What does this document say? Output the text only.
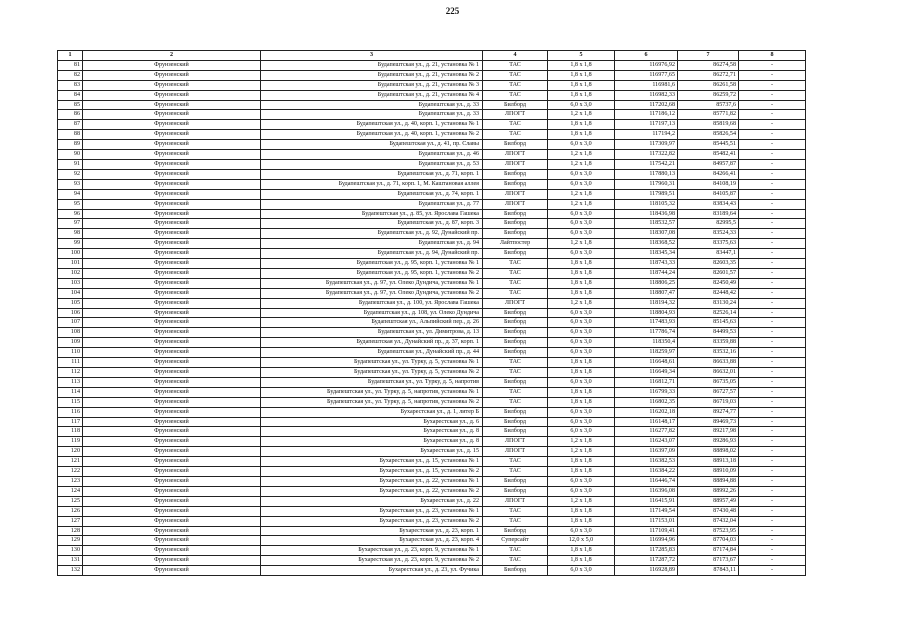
225
1	2	3	4	5	6	7	8
81	Фрунзенский	Будапештская ул., д. 21, установка № 1	ТАС	1,8 х 1,8	116976,92	86274,58	-
82	Фрунзенский	Будапештская ул., д. 21, установка № 2	ТАС	1,8 х 1,8	116977,65	86272,71	-
83	Фрунзенский	Будапештская ул., д. 21, установка № 3	ТАС	1,8 х 1,8	116981,6	86261,58	-
84	Фрунзенский	Будапештская ул., д. 21, установка № 4	ТАС	1,8 х 1,8	116982,33	86259,72	-
85	Фрунзенский	Будапештская ул., д. 33	Билборд	6,0 х 3,0	117202,68	85737,6	-
86	Фрунзенский	Будапештская ул., д. 33	ЛПОГТ	1,2 х 1,8	117186,12	85771,82	-
87	Фрунзенский	Будапештская ул., д. 40, корп. 1, установка № 1	ТАС	1,8 х 1,8	117197,13	85819,68	-
88	Фрунзенский	Будапештская ул., д. 40, корп. 1, установка № 2	ТАС	1,8 х 1,8	117194,2	85826,54	-
89	Фрунзенский	Будапештская ул., д. 41, пр. Славы	Билборд	6,0 х 3,0	117309,97	85445,51	-
90	Фрунзенский	Будапештская ул., д. 46	ЛПОГТ	1,2 х 1,8	117322,82	85482,41	-
91	Фрунзенский	Будапештская ул., д. 53	ЛПОГТ	1,2 х 1,8	117542,21	84957,87	-
92	Фрунзенский	Будапештская ул., д. 71, корп. 1	Билборд	6,0 х 3,0	117880,13	84266,41	-
93	Фрунзенский	Будапештская ул., д. 71, корп. 1, М. Каштановая аллея	Билборд	6,0 х 3,0	117960,31	84108,19	-
94	Фрунзенский	Будапештская ул., д. 74, корп. 1	ЛПОГТ	1,2 х 1,8	117989,51	84105,87	-
95	Фрунзенский	Будапештская ул., д. 77	ЛПОГТ	1,2 х 1,8	118105,32	83834,43	-
96	Фрунзенский	Будапештская ул., д. 85, ул. Ярослава Гашека	Билборд	6,0 х 3,0	118436,98	83189,64	-
97	Фрунзенский	Будапештская ул., д. 87, корп. 3	Билборд	6,0 х 3,0	118532,57	82995,5	-
98	Фрунзенский	Будапештская ул., д. 92, Дунайский пр.	Билборд	6,0 х 3,0	118307,08	83524,33	-
99	Фрунзенский	Будапештская ул., д. 94	Лайтпостер	1,2 х 1,8	118368,52	83375,63	-
100	Фрунзенский	Будапештская ул., д. 94, Дунайский пр.	Билборд	6,0 х 3,0	118345,34	83447,1	-
101	Фрунзенский	Будапештская ул., д. 95, корп. 1, установка № 1	ТАС	1,8 х 1,8	118743,33	82603,35	-
102	Фрунзенский	Будапештская ул., д. 95, корп. 1, установка № 2	ТАС	1,8 х 1,8	118744,24	82601,57	-
103	Фрунзенский	Будапештская ул., д. 97, ул. Олеко Дундича, установка № 1	ТАС	1,8 х 1,8	118806,25	82450,49	-
104	Фрунзенский	Будапештская ул., д. 97, ул. Олеко Дундича, установка № 2	ТАС	1,8 х 1,8	118807,47	82448,42	-
105	Фрунзенский	Будапештская ул., д. 100, ул. Ярослава Гашека	ЛПОГТ	1,2 х 1,8	118194,32	83130,24	-
106	Фрунзенский	Будапештская ул., д. 108, ул. Олеко Дундича	Билборд	6,0 х 3,0	118804,93	82526,14	-
107	Фрунзенский	Будапештская ул., Альпийский пер., д. 26	Билборд	6,0 х 3,0	117483,93	85145,63	-
108	Фрунзенский	Будапештская ул., ул. Димитрова, д. 13	Билборд	6,0 х 3,0	117786,74	84499,53	-
109	Фрунзенский	Будапештская ул., Дунайский пр., д. 37, корп. 1	Билборд	6,0 х 3,0	118350,4	83359,88	-
110	Фрунзенский	Будапештская ул., Дунайский пр., д. 44	Билборд	6,0 х 3,0	118259,97	83532,16	-
111	Фрунзенский	Будапештская ул., ул. Турку, д. 5, установка № 1	ТАС	1,8 х 1,8	116648,61	86633,88	-
112	Фрунзенский	Будапештская ул., ул. Турку, д. 5, установка № 2	ТАС	1,8 х 1,8	116649,34	86632,01	-
113	Фрунзенский	Будапештская ул., ул. Турку, д. 5, напротив	Билборд	6,0 х 3,0	116812,71	86735,05	-
114	Фрунзенский	Будапештская ул., ул. Турку, д. 5, напротив, установка № 1	ТАС	1,8 х 1,8	116799,33	86727,57	-
115	Фрунзенский	Будапештская ул., ул. Турку, д. 5, напротив, установка № 2	ТАС	1,8 х 1,8	116802,35	86719,03	-
116	Фрунзенский	Бухарестская ул., д. 1, литер Б	Билборд	6,0 х 3,0	116202,18	89274,77	-
117	Фрунзенский	Бухарестская ул., д. 6	Билборд	6,0 х 3,0	116148,17	89469,73	-
118	Фрунзенский	Бухарестская ул., д. 8	Билборд	6,0 х 3,0	116277,82	89217,98	-
119	Фрунзенский	Бухарестская ул., д. 8	ЛПОГТ	1,2 х 1,8	116243,07	89286,93	-
120	Фрунзенский	Бухарестская ул., д. 15	ЛПОГТ	1,2 х 1,8	116397,09	88898,02	-
121	Фрунзенский	Бухарестская ул., д. 15, установка № 1	ТАС	1,8 х 1,8	116382,53	88913,18	-
122	Фрунзенский	Бухарестская ул., д. 15, установка № 2	ТАС	1,8 х 1,8	116384,22	88910,09	-
123	Фрунзенский	Бухарестская ул., д. 22, установка № 1	Билборд	6,0 х 3,0	116446,74	88894,88	-
124	Фрунзенский	Бухарестская ул., д. 22, установка № 2	Билборд	6,0 х 3,0	116396,08	88992,26	-
125	Фрунзенский	Бухарестская ул., д. 22	ЛПОГТ	1,2 х 1,8	116415,91	88957,49	-
126	Фрунзенский	Бухарестская ул., д. 23, установка № 1	ТАС	1,8 х 1,8	117149,54	87430,48	-
127	Фрунзенский	Бухарестская ул., д. 23, установка № 2	ТАС	1,8 х 1,8	117153,01	87432,04	-
128	Фрунзенский	Бухарестская ул., д. 23, корп. 1	Билборд	6,0 х 3,0	117109,41	87523,95	-
129	Фрунзенский	Бухарестская ул., д. 23, корп. 4	Суперсайт	12,0 х 5,0	116994,96	87704,03	-
130	Фрунзенский	Бухарестская ул., д. 23, корп. 9, установка № 1	ТАС	1,8 х 1,8	117285,83	87174,84	-
131	Фрунзенский	Бухарестская ул., д. 23, корп. 9, установка № 2	ТАС	1,8 х 1,8	117287,72	87173,67	-
132	Фрунзенский	Бухарестская ул., д. 23, ул. Фучика	Билборд	6,0 х 3,0	116928,89	87843,11	-
